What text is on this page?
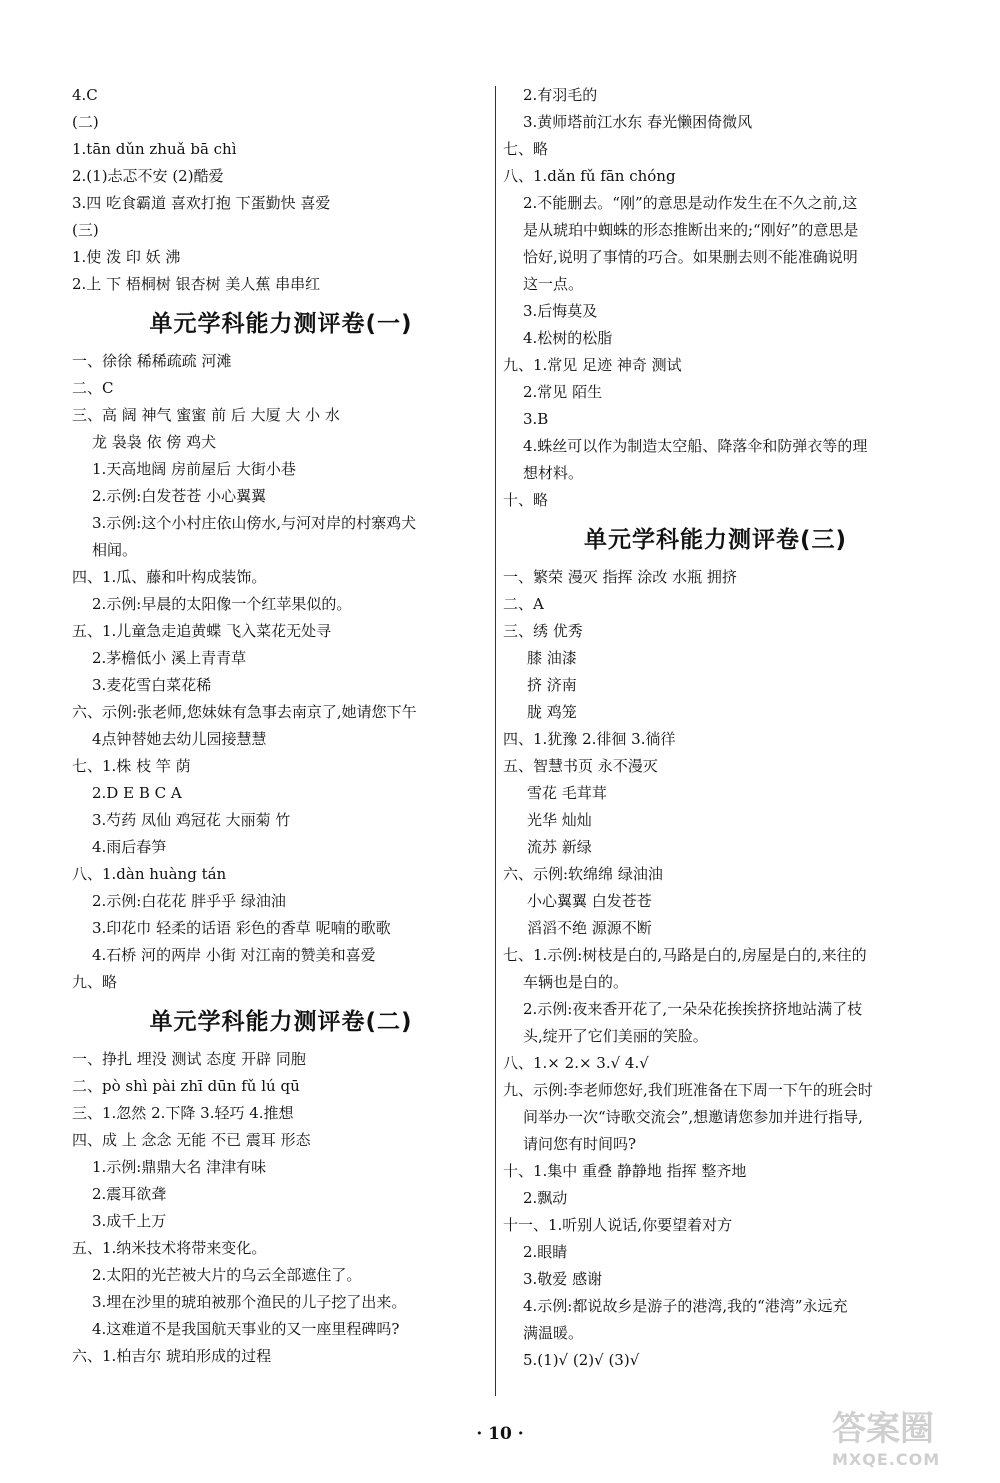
4.C
(二)
1.tān dǔn zhuǎ bā chì
2.(1)忐忑不安 (2)酷爱
3.四 吃食霸道 喜欢打抱 下蛋勤快 喜爱
(三)
1.使 泼 印 妖 沸
2.上 下 梧桐树 银杏树 美人蕉 串串红
单元学科能力测评卷(一)
一、徐徐 稀稀疏疏 河滩
二、C
三、高 阔 神气 蜜蜜 前 后 大厦 大 小 水
龙 袅袅 依 傍 鸡犬
1.天高地阔 房前屋后 大街小巷
2.示例:白发苍苍 小心翼翼
3.示例:这个小村庄依山傍水,与河对岸的村寨鸡犬
相闻。
四、1.瓜、藤和叶构成装饰。
2.示例:早晨的太阳像一个红苹果似的。
五、1.儿童急走追黄蝶 飞入菜花无处寻
2.茅檐低小 溪上青青草
3.麦花雪白菜花稀
六、示例:张老师,您妹妹有急事去南京了,她请您下午
4点钟替她去幼儿园接慧慧
七、1.株 枝 竿 荫
2.D E B C A
3.芍药 凤仙 鸡冠花 大丽菊 竹
4.雨后春笋
八、1.dàn huàng tán
2.示例:白花花 胖乎乎 绿油油
3.印花巾 轻柔的话语 彩色的香草 呢喃的歌歌
4.石桥 河的两岸 小街 对江南的赞美和喜爱
九、略
单元学科能力测评卷(二)
一、挣扎 埋没 测试 态度 开辟 同胞
二、pò shì pài zhī dūn fǔ lú qū
三、1.忽然 2.下降 3.轻巧 4.推想
四、成 上 念念 无能 不已 震耳 形态
1.示例:鼎鼎大名 津津有味
2.震耳欲聋
3.成千上万
五、1.纳米技术将带来变化。
2.太阳的光芒被大片的乌云全部遮住了。
3.埋在沙里的琥珀被那个渔民的儿子挖了出来。
4.这难道不是我国航天事业的又一座里程碑吗?
六、1.柏吉尔 琥珀形成的过程
2.有羽毛的
3.黄师塔前江水东 春光懒困倚微风
七、略
八、1.dǎn fǔ fān chóng
2.不能删去。“刚”的意思是动作发生在不久之前,这
是从琥珀中蜘蛛的形态推断出来的;“刚好”的意思是
恰好,说明了事情的巧合。如果删去则不能准确说明
这一点。
3.后悔莫及
4.松树的松脂
九、1.常见 足迹 神奇 测试
2.常见 陌生
3.B
4.蛛丝可以作为制造太空船、降落伞和防弹衣等的理
想材料。
十、略
单元学科能力测评卷(三)
一、繁荣 漫灭 指挥 涂改 水瓶 拥挤
二、A
三、绣 优秀
膝 油漆
挤 济南
胧 鸡笼
四、1.犹豫 2.徘徊 3.徜徉
五、智慧书页 永不漫灭
雪花 毛茸茸
光华 灿灿
流苏 新绿
六、示例:软绵绵 绿油油
小心翼翼 白发苍苍
滔滔不绝 源源不断
七、1.示例:树枝是白的,马路是白的,房屋是白的,来往的
车辆也是白的。
2.示例:夜来香开花了,一朵朵花挨挨挤挤地站满了枝
头,绽开了它们美丽的笑脸。
八、1.× 2.× 3.√ 4.√
九、示例:李老师您好,我们班准备在下周一下午的班会时
间举办一次“诗歌交流会”,想邀请您参加并进行指导,
请问您有时间吗?
十、1.集中 重叠 静静地 指挥 整齐地
2.飘动
十一、1.听别人说话,你要望着对方
2.眼睛
3.敬爱 感谢
4.示例:都说故乡是游子的港湾,我的“港湾”永远充
满温暖。
5.(1)√ (2)√ (3)√
· 10 ·	答案圈
MXQE.COM
